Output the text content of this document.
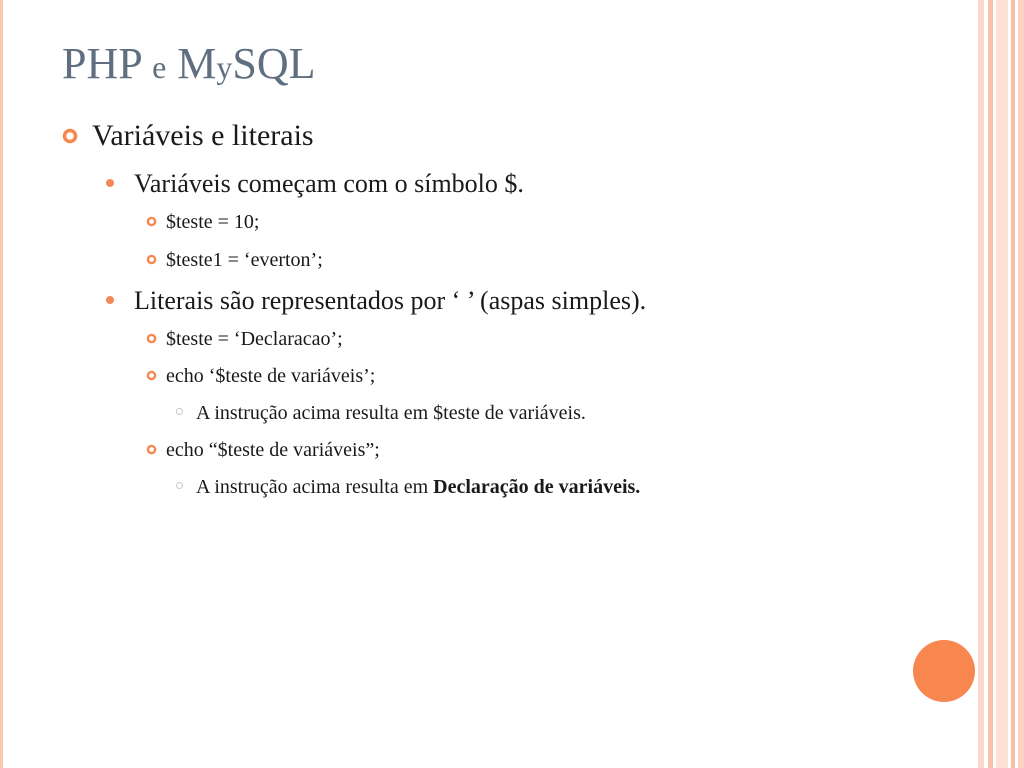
PHP e MySQL
Variáveis e literais
Variáveis começam com o símbolo $.
$teste = 10;
$teste1 = ‘everton’;
Literais são representados por ‘ ’ (aspas simples).
$teste = ‘Declaracao’;
echo ‘$teste de variáveis’;
A instrução acima resulta em $teste de variáveis.
echo “$teste de variáveis”;
A instrução acima resulta em Declaração de variáveis.
